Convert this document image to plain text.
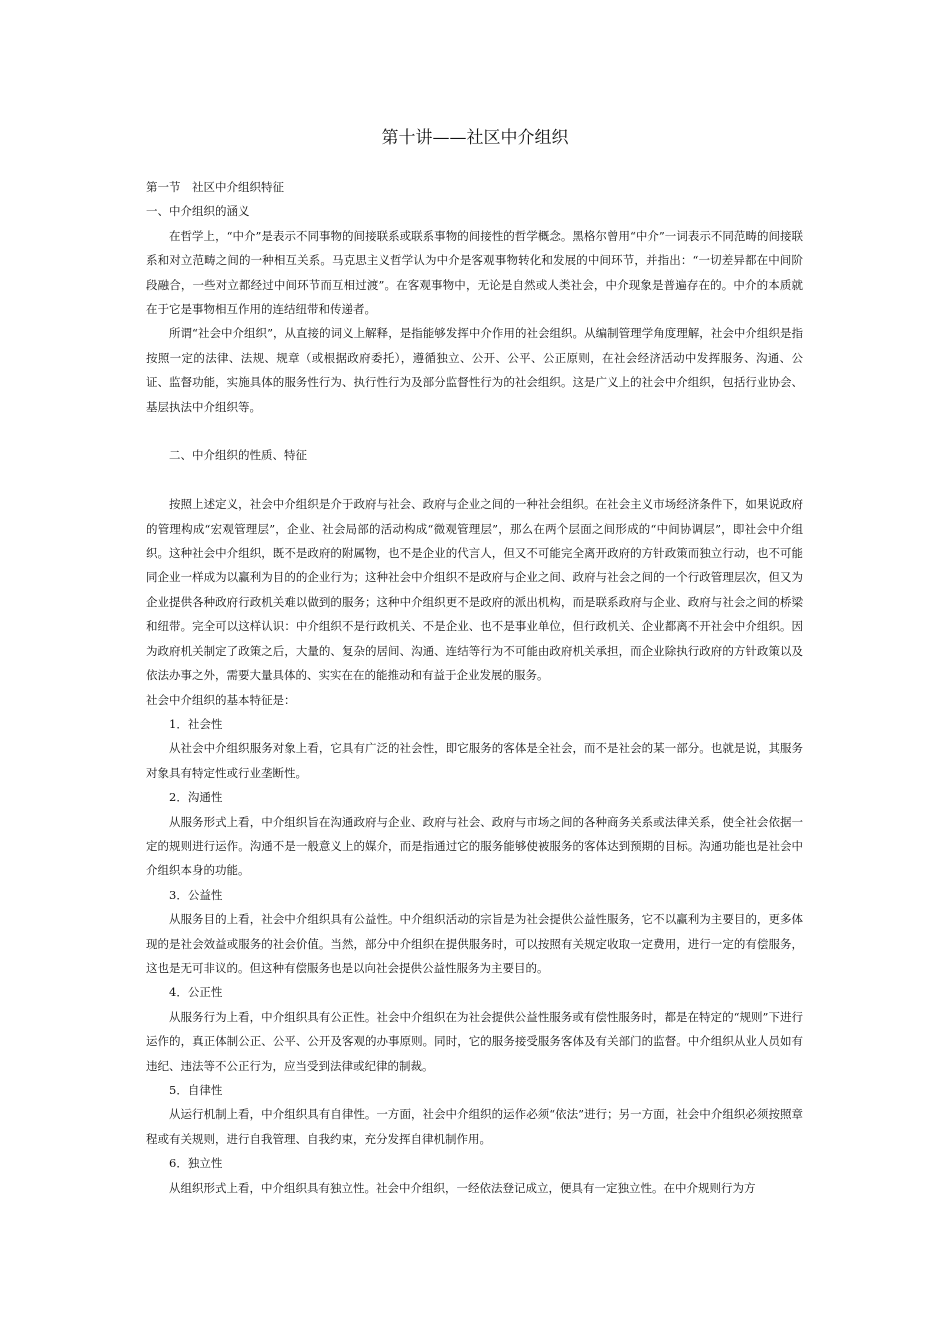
第十讲——社区中介组织

第一节　社区中介组织特征

一、中介组织的涵义

在哲学上，“中介”是表示不同事物的间接联系或联系事物的间接性的哲学概念。黑格尔曾用“中介”一词表示不同范畴的间接联系和对立范畴之间的一种相互关系。马克思主义哲学认为中介是客观事物转化和发展的中间环节，并指出：“一切差异都在中间阶段融合，一些对立都经过中间环节而互相过渡”。在客观事物中，无论是自然或人类社会，中介现象是普遍存在的。中介的本质就在于它是事物相互作用的连结纽带和传递者。

所谓“社会中介组织”，从直接的词义上解释，是指能够发挥中介作用的社会组织。从编制管理学角度理解，社会中介组织是指按照一定的法律、法规、规章（或根据政府委托），遵循独立、公开、公平、公正原则，在社会经济活动中发挥服务、沟通、公证、监督功能，实施具体的服务性行为、执行性行为及部分监督性行为的社会组织。这是广义上的社会中介组织，包括行业协会、基层执法中介组织等。

二、中介组织的性质、特征

按照上述定义，社会中介组织是介于政府与社会、政府与企业之间的一种社会组织。在社会主义市场经济条件下，如果说政府的管理构成“宏观管理层”，企业、社会局部的活动构成“微观管理层”，那么在两个层面之间形成的“中间协调层”，即社会中介组织。这种社会中介组织，既不是政府的附属物，也不是企业的代言人，但又不可能完全离开政府的方针政策而独立行动，也不可能同企业一样成为以赢利为目的的企业行为；这种社会中介组织不是政府与企业之间、政府与社会之间的一个行政管理层次，但又为企业提供各种政府行政机关难以做到的服务；这种中介组织更不是政府的派出机构，而是联系政府与企业、政府与社会之间的桥梁和纽带。完全可以这样认识：中介组织不是行政机关、不是企业、也不是事业单位，但行政机关、企业都离不开社会中介组织。因为政府机关制定了政策之后，大量的、复杂的居间、沟通、连结等行为不可能由政府机关承担，而企业除执行政府的方针政策以及依法办事之外，需要大量具体的、实实在在的能推动和有益于企业发展的服务。

社会中介组织的基本特征是：

1．社会性

从社会中介组织服务对象上看，它具有广泛的社会性，即它服务的客体是全社会，而不是社会的某一部分。也就是说，其服务对象具有特定性或行业垄断性。

2．沟通性

从服务形式上看，中介组织旨在沟通政府与企业、政府与社会、政府与市场之间的各种商务关系或法律关系，使全社会依据一定的规则进行运作。沟通不是一般意义上的媒介，而是指通过它的服务能够使被服务的客体达到预期的目标。沟通功能也是社会中介组织本身的功能。

3．公益性

从服务目的上看，社会中介组织具有公益性。中介组织活动的宗旨是为社会提供公益性服务，它不以赢利为主要目的，更多体现的是社会效益或服务的社会价值。当然，部分中介组织在提供服务时，可以按照有关规定收取一定费用，进行一定的有偿服务，这也是无可非议的。但这种有偿服务也是以向社会提供公益性服务为主要目的。

4．公正性

从服务行为上看，中介组织具有公正性。社会中介组织在为社会提供公益性服务或有偿性服务时，都是在特定的“规则”下进行运作的，真正体制公正、公平、公开及客观的办事原则。同时，它的服务接受服务客体及有关部门的监督。中介组织从业人员如有违纪、违法等不公正行为，应当受到法律或纪律的制裁。

5．自律性

从运行机制上看，中介组织具有自律性。一方面，社会中介组织的运作必须“依法”进行；另一方面，社会中介组织必须按照章程或有关规则，进行自我管理、自我约束，充分发挥自律机制作用。

6．独立性

从组织形式上看，中介组织具有独立性。社会中介组织，一经依法登记成立，便具有一定独立性。在中介规则行为方
